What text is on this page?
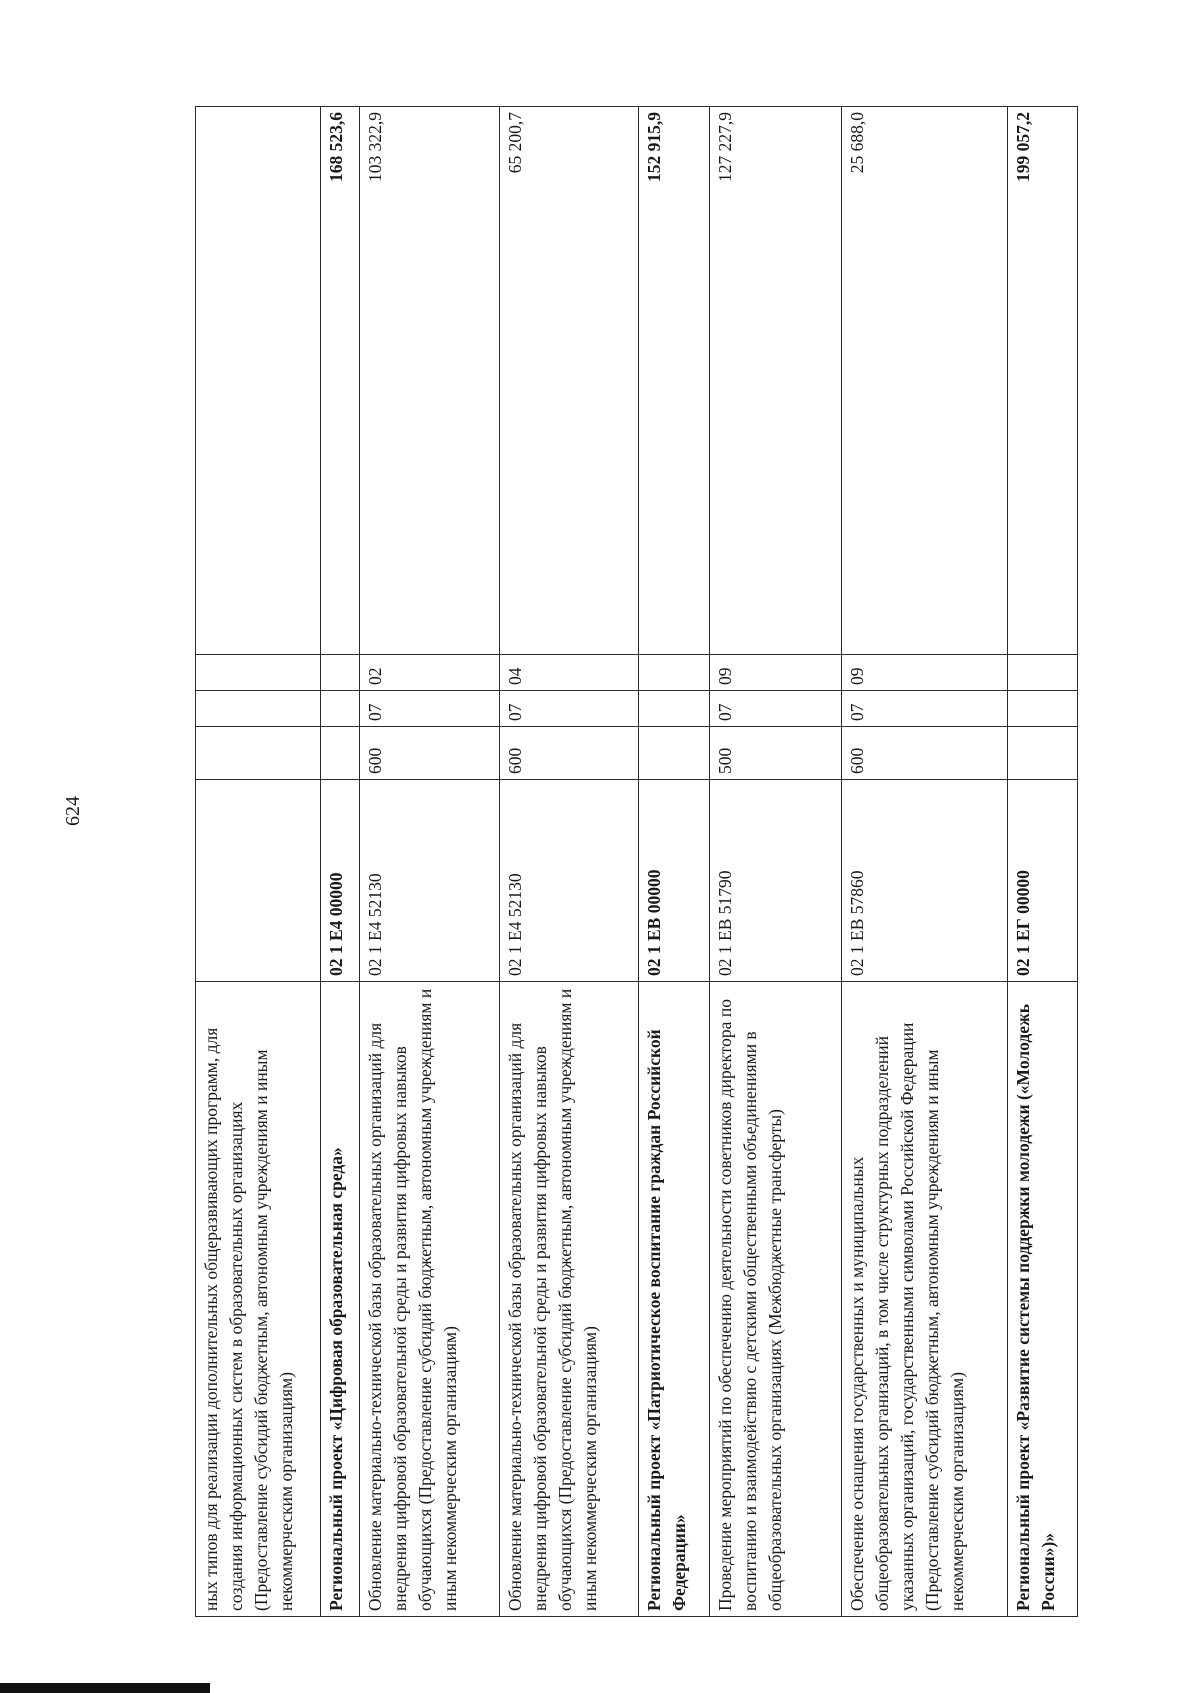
624
ных типов для реализации дополнительных общеразвивающих программ, для создания информационных систем в образовательных организациях (Предоставление субсидий бюджетным, автономным учреждениям и иным некоммерческим организациям)					
Региональный проект «Цифровая образовательная среда»	02 1 E4 00000				168 523,6
Обновление материально-технической базы образовательных организаций для внедрения цифровой образовательной среды и развития цифровых навыков обучающихся (Предоставление субсидий бюджетным, автономным учреждениям и иным некоммерческим организациям)	02 1 E4 52130	600	07	02	103 322,9
Обновление материально-технической базы образовательных организаций для внедрения цифровой образовательной среды и развития цифровых навыков обучающихся (Предоставление субсидий бюджетным, автономным учреждениям и иным некоммерческим организациям)	02 1 E4 52130	600	07	04	65 200,7
Региональный проект «Патриотическое воспитание граждан Российской Федерации»	02 1 EB 00000				152 915,9
Проведение мероприятий по обеспечению деятельности советников директора по воспитанию и взаимодействию с детскими общественными объединениями в общеобразовательных организациях (Межбюджетные трансферты)	02 1 EB 51790	500	07	09	127 227,9
Обеспечение оснащения государственных и муниципальных общеобразовательных организаций, в том числе структурных подразделений указанных организаций, государственными символами Российской Федерации (Предоставление субсидий бюджетным, автономным учреждениям и иным некоммерческим организациям)	02 1 EB 57860	600	07	09	25 688,0
Региональный проект «Развитие системы поддержки молодежи («Молодежь России»)»	02 1 EГ 00000				199 057,2
